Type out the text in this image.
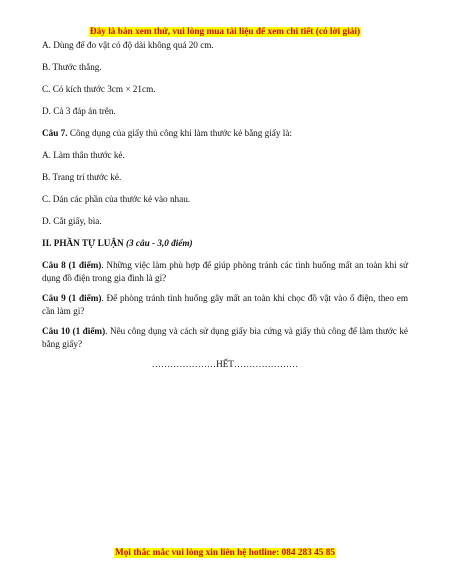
Đây là bản xem thử, vui lòng mua tài liệu để xem chi tiết (có lời giải)

A. Dùng để đo vật có độ dài không quá 20 cm.

B. Thước thẳng.

C. Có kích thước 3cm × 21cm.

D. Cả 3 đáp án trên.

Câu 7. Công dụng của giấy thủ công khi làm thước kẻ bằng giấy là:

A. Làm thân thước kẻ.

B. Trang trí thước kẻ.

C. Dán các phần của thước kẻ vào nhau.

D. Cắt giấy, bìa.

II. PHẦN TỰ LUẬN (3 câu - 3,0 điểm)

Câu 8 (1 điểm). Những việc làm phù hợp để giúp phòng tránh các tình huống mất an toàn khi sử dụng đồ điện trong gia đình là gì?

Câu 9 (1 điểm). Để phòng tránh tình huống gây mất an toàn khi chọc đồ vật vào ổ điện, theo em cần làm gì?

Câu 10 (1 điểm). Nêu công dụng và cách sử dụng giấy bìa cứng và giấy thủ công để làm thước kẻ bằng giấy?

…………………HẾT…………………

Mọi thắc mắc vui lòng xin liên hệ hotline: 084 283 45 85
